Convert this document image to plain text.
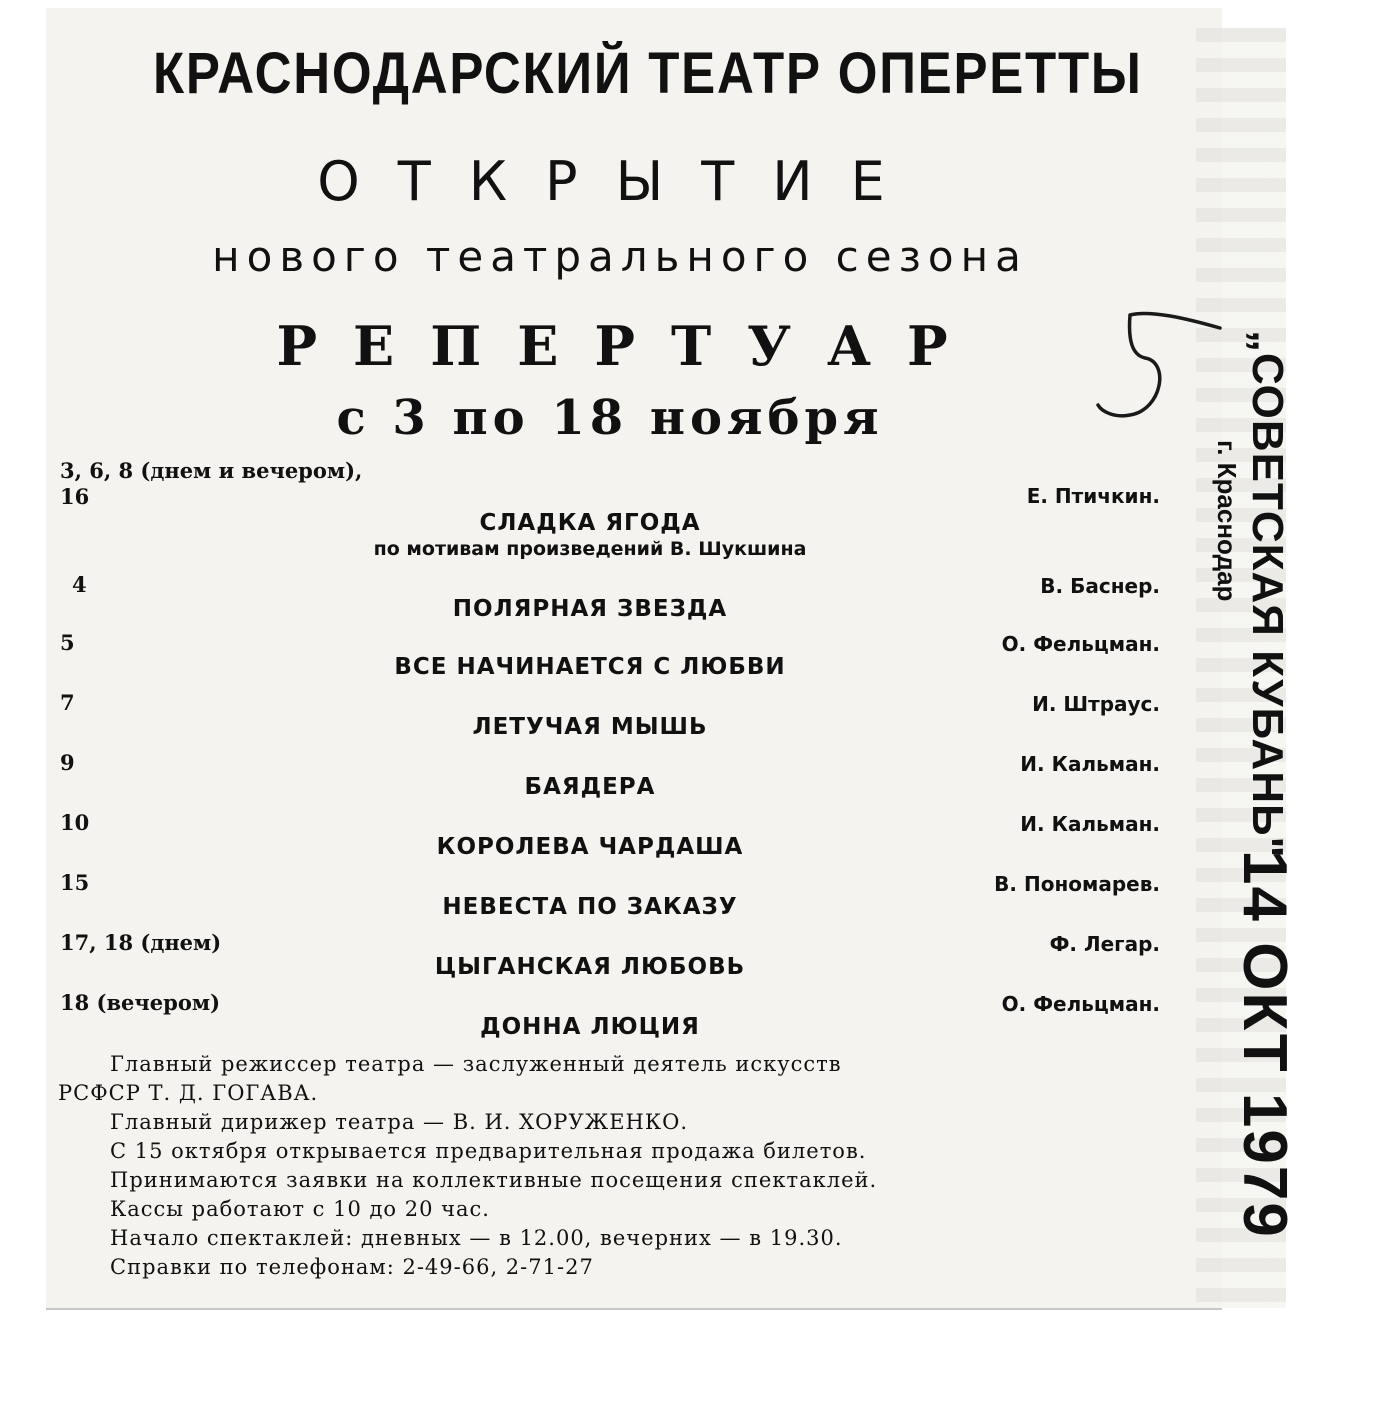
КРАСНОДАРСКИЙ ТЕАТР ОПЕРЕТТЫ
ОТКРЫТИЕ
нового театрального сезона
РЕПЕРТУАР
с 3 по 18 ноября
3, 6, 8 (днем и вечером),
16	Е. Птичкин.
СЛАДКА ЯГОДА
по мотивам произведений В. Шукшина
4	В. Баснер.
ПОЛЯРНАЯ ЗВЕЗДА
5	О. Фельцман.
ВСЕ НАЧИНАЕТСЯ С ЛЮБВИ
7	И. Штраус.
ЛЕТУЧАЯ МЫШЬ
9	И. Кальман.
БАЯДЕРА
10	И. Кальман.
КОРОЛЕВА ЧАРДАША
15	В. Пономарев.
НЕВЕСТА ПО ЗАКАЗУ
17, 18 (днем)	Ф. Легар.
ЦЫГАНСКАЯ ЛЮБОВЬ
18 (вечером)	О. Фельцман.
ДОННА ЛЮЦИЯ

Главный режиссер театра — заслуженный деятель искусств

РСФСР Т. Д. ГОГАВА.

Главный дирижер театра — В. И. ХОРУЖЕНКО.

С 15 октября открывается предварительная продажа билетов.

Принимаются заявки на коллективные посещения спектаклей.

Кассы работают с 10 до 20 час.

Начало спектаклей: дневных — в 12.00, вечерних — в 19.30.

Справки по телефонам: 2-49-66, 2-71-27

„СОВЕТСКАЯ КУБАНЬ"
г. Краснодар
14 ОКТ 1979
